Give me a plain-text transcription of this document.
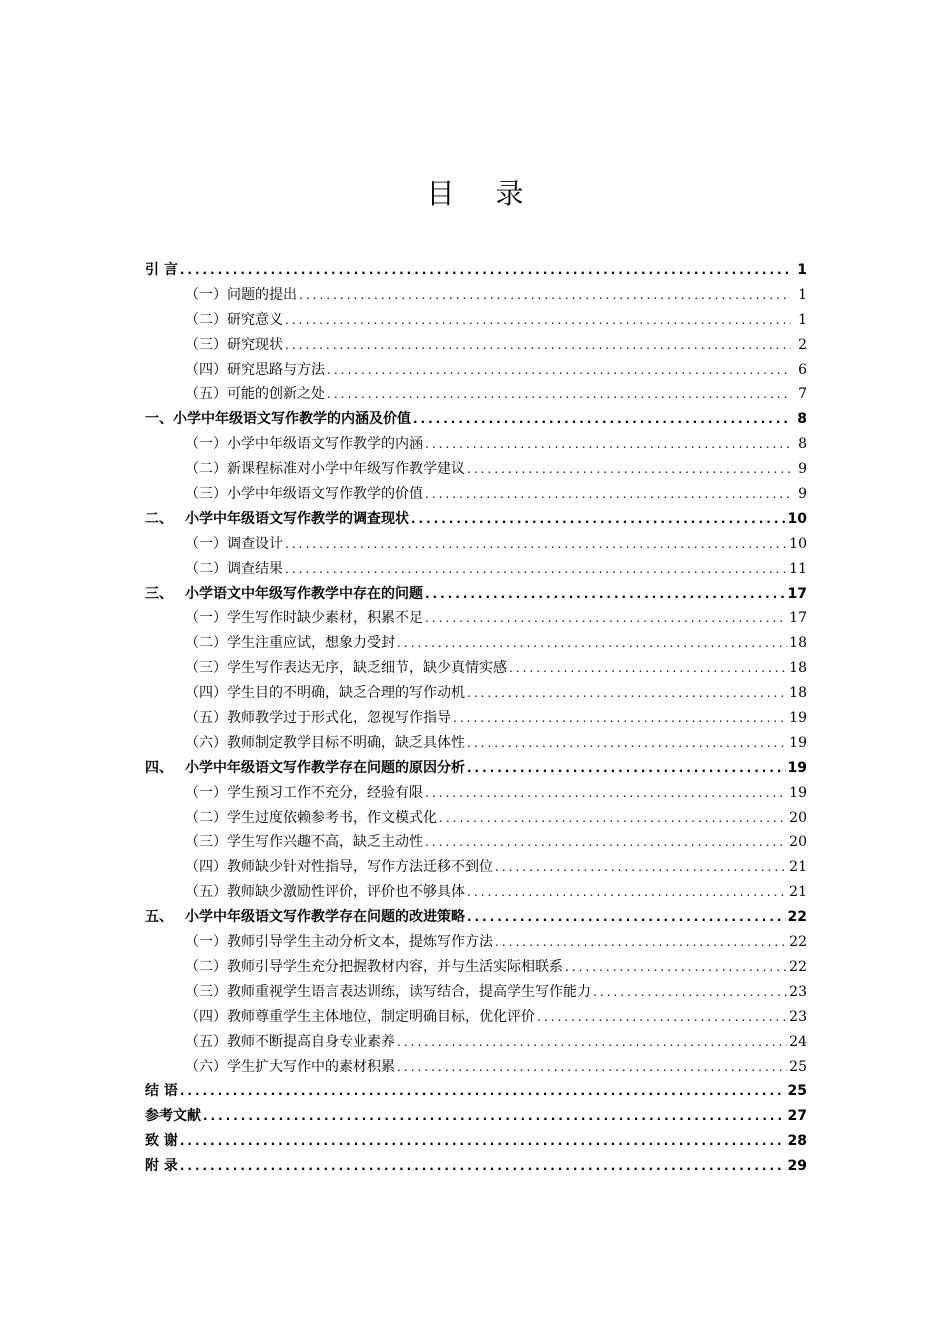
目 录
引 言 .....	1
（一）问题的提出 .....	1
（二）研究意义 .....	1
（三）研究现状 .....	2
（四）研究思路与方法 .....	6
（五）可能的创新之处 .....	7
一、小学中年级语文写作教学的内涵及价值 .....	8
（一）小学中年级语文写作教学的内涵 .....	8
（二）新课程标准对小学中年级写作教学建议 .....	9
（三）小学中年级语文写作教学的价值 .....	9
二、 小学中年级语文写作教学的调查现状 .....	10
（一）调查设计 .....	10
（二）调查结果 .....	11
三、 小学语文中年级写作教学中存在的问题 .....	17
（一）学生写作时缺少素材，积累不足 .....	17
（二）学生注重应试，想象力受封 .....	18
（三）学生写作表达无序，缺乏细节，缺少真情实感 .....	18
（四）学生目的不明确，缺乏合理的写作动机 .....	18
（五）教师教学过于形式化，忽视写作指导 .....	19
（六）教师制定教学目标不明确，缺乏具体性 .....	19
四、 小学中年级语文写作教学存在问题的原因分析 .....	19
（一）学生预习工作不充分，经验有限 .....	19
（二）学生过度依赖参考书，作文模式化 .....	20
（三）学生写作兴趣不高，缺乏主动性 .....	20
（四）教师缺少针对性指导，写作方法迁移不到位 .....	21
（五）教师缺少激励性评价，评价也不够具体 .....	21
五、 小学中年级语文写作教学存在问题的改进策略 .....	22
（一）教师引导学生主动分析文本，提炼写作方法 .....	22
（二）教师引导学生充分把握教材内容，并与生活实际相联系 .....	22
（三）教师重视学生语言表达训练，读写结合，提高学生写作能力 .....	23
（四）教师尊重学生主体地位，制定明确目标，优化评价 .....	23
（五）教师不断提高自身专业素养 .....	24
（六）学生扩大写作中的素材积累 .....	25
结 语 .....	25
参考文献 .....	27
致 谢 .....	28
附 录 .....	29
